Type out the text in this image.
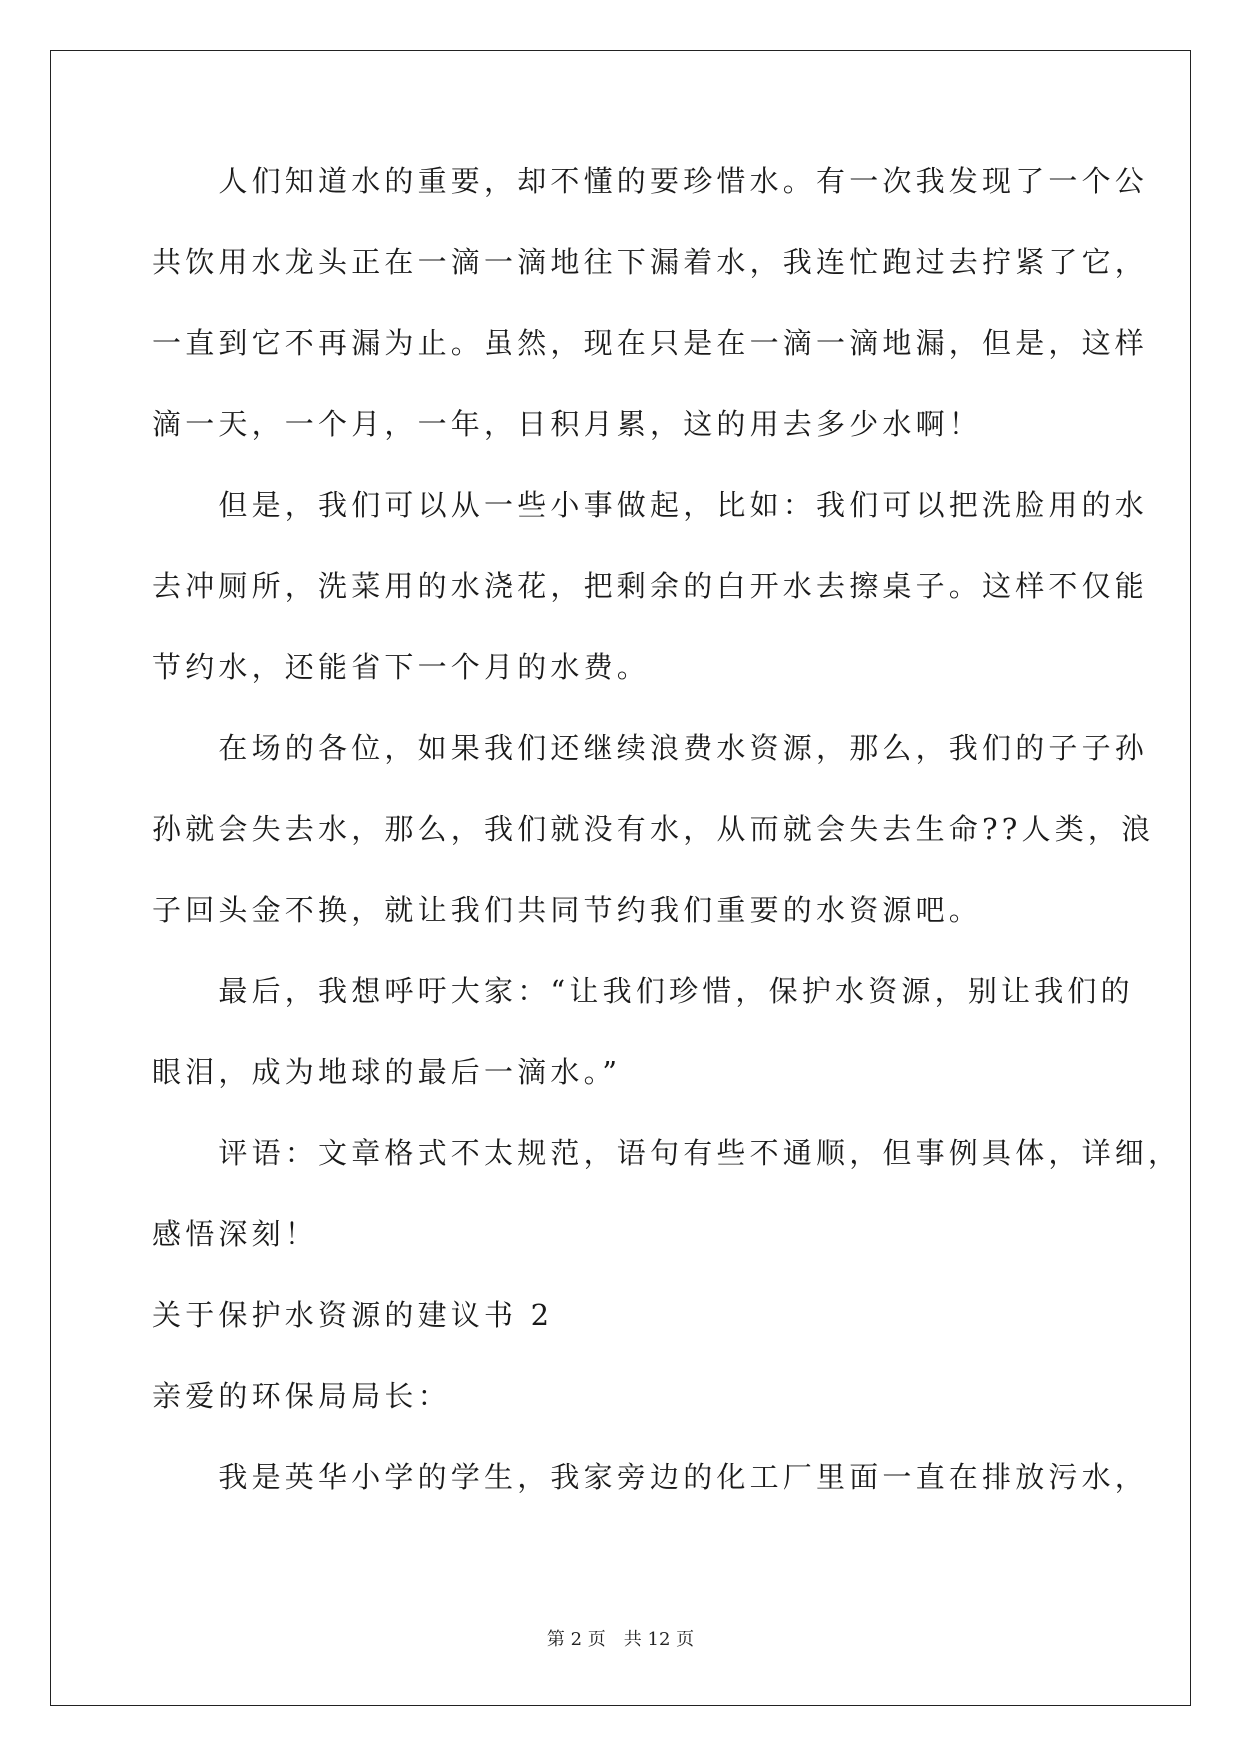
　　人们知道水的重要，却不懂的要珍惜水。有一次我发现了一个公
共饮用水龙头正在一滴一滴地往下漏着水，我连忙跑过去拧紧了它，
一直到它不再漏为止。虽然，现在只是在一滴一滴地漏，但是，这样
滴一天，一个月，一年，日积月累，这的用去多少水啊！
　　但是，我们可以从一些小事做起，比如：我们可以把洗脸用的水
去冲厕所，洗菜用的水浇花，把剩余的白开水去擦桌子。这样不仅能
节约水，还能省下一个月的水费。
　　在场的各位，如果我们还继续浪费水资源，那么，我们的子子孙
孙就会失去水，那么，我们就没有水，从而就会失去生命??人类，浪
子回头金不换，就让我们共同节约我们重要的水资源吧。
　　最后，我想呼吁大家：“让我们珍惜，保护水资源，别让我们的
眼泪，成为地球的最后一滴水。”
　　评语：文章格式不太规范，语句有些不通顺，但事例具体，详细，
感悟深刻！
关于保护水资源的建议书 2
亲爱的环保局局长：
　　我是英华小学的学生，我家旁边的化工厂里面一直在排放污水，
第 2 页 共 12 页
